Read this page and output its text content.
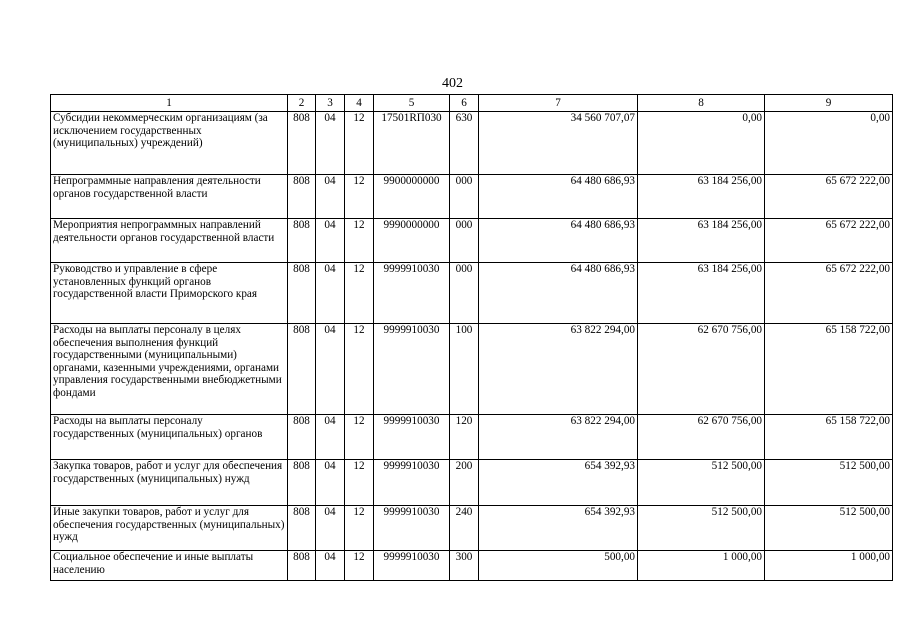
402
1	2	3	4	5	6	7	8	9
Субсидии некоммерческим организациям (за исключением государственных (муниципальных) учреждений)	808	04	12	17501RП030	630	34 560 707,07	0,00	0,00
Непрограммные направления деятельности органов государственной власти	808	04	12	9900000000	000	64 480 686,93	63 184 256,00	65 672 222,00
Мероприятия непрограммных направлений деятельности органов государственной власти	808	04	12	9990000000	000	64 480 686,93	63 184 256,00	65 672 222,00
Руководство и управление в сфере установленных функций органов государственной власти Приморского края	808	04	12	9999910030	000	64 480 686,93	63 184 256,00	65 672 222,00
Расходы на выплаты персоналу в целях обеспечения выполнения функций государственными (муниципальными) органами, казенными учреждениями, органами управления государственными внебюджетными фондами	808	04	12	9999910030	100	63 822 294,00	62 670 756,00	65 158 722,00
Расходы на выплаты персоналу государственных (муниципальных) органов	808	04	12	9999910030	120	63 822 294,00	62 670 756,00	65 158 722,00
Закупка товаров, работ и услуг для обеспечения государственных (муниципальных) нужд	808	04	12	9999910030	200	654 392,93	512 500,00	512 500,00
Иные закупки товаров, работ и услуг для обеспечения государственных (муниципальных) нужд	808	04	12	9999910030	240	654 392,93	512 500,00	512 500,00
Социальное обеспечение и иные выплаты населению	808	04	12	9999910030	300	500,00	1 000,00	1 000,00
